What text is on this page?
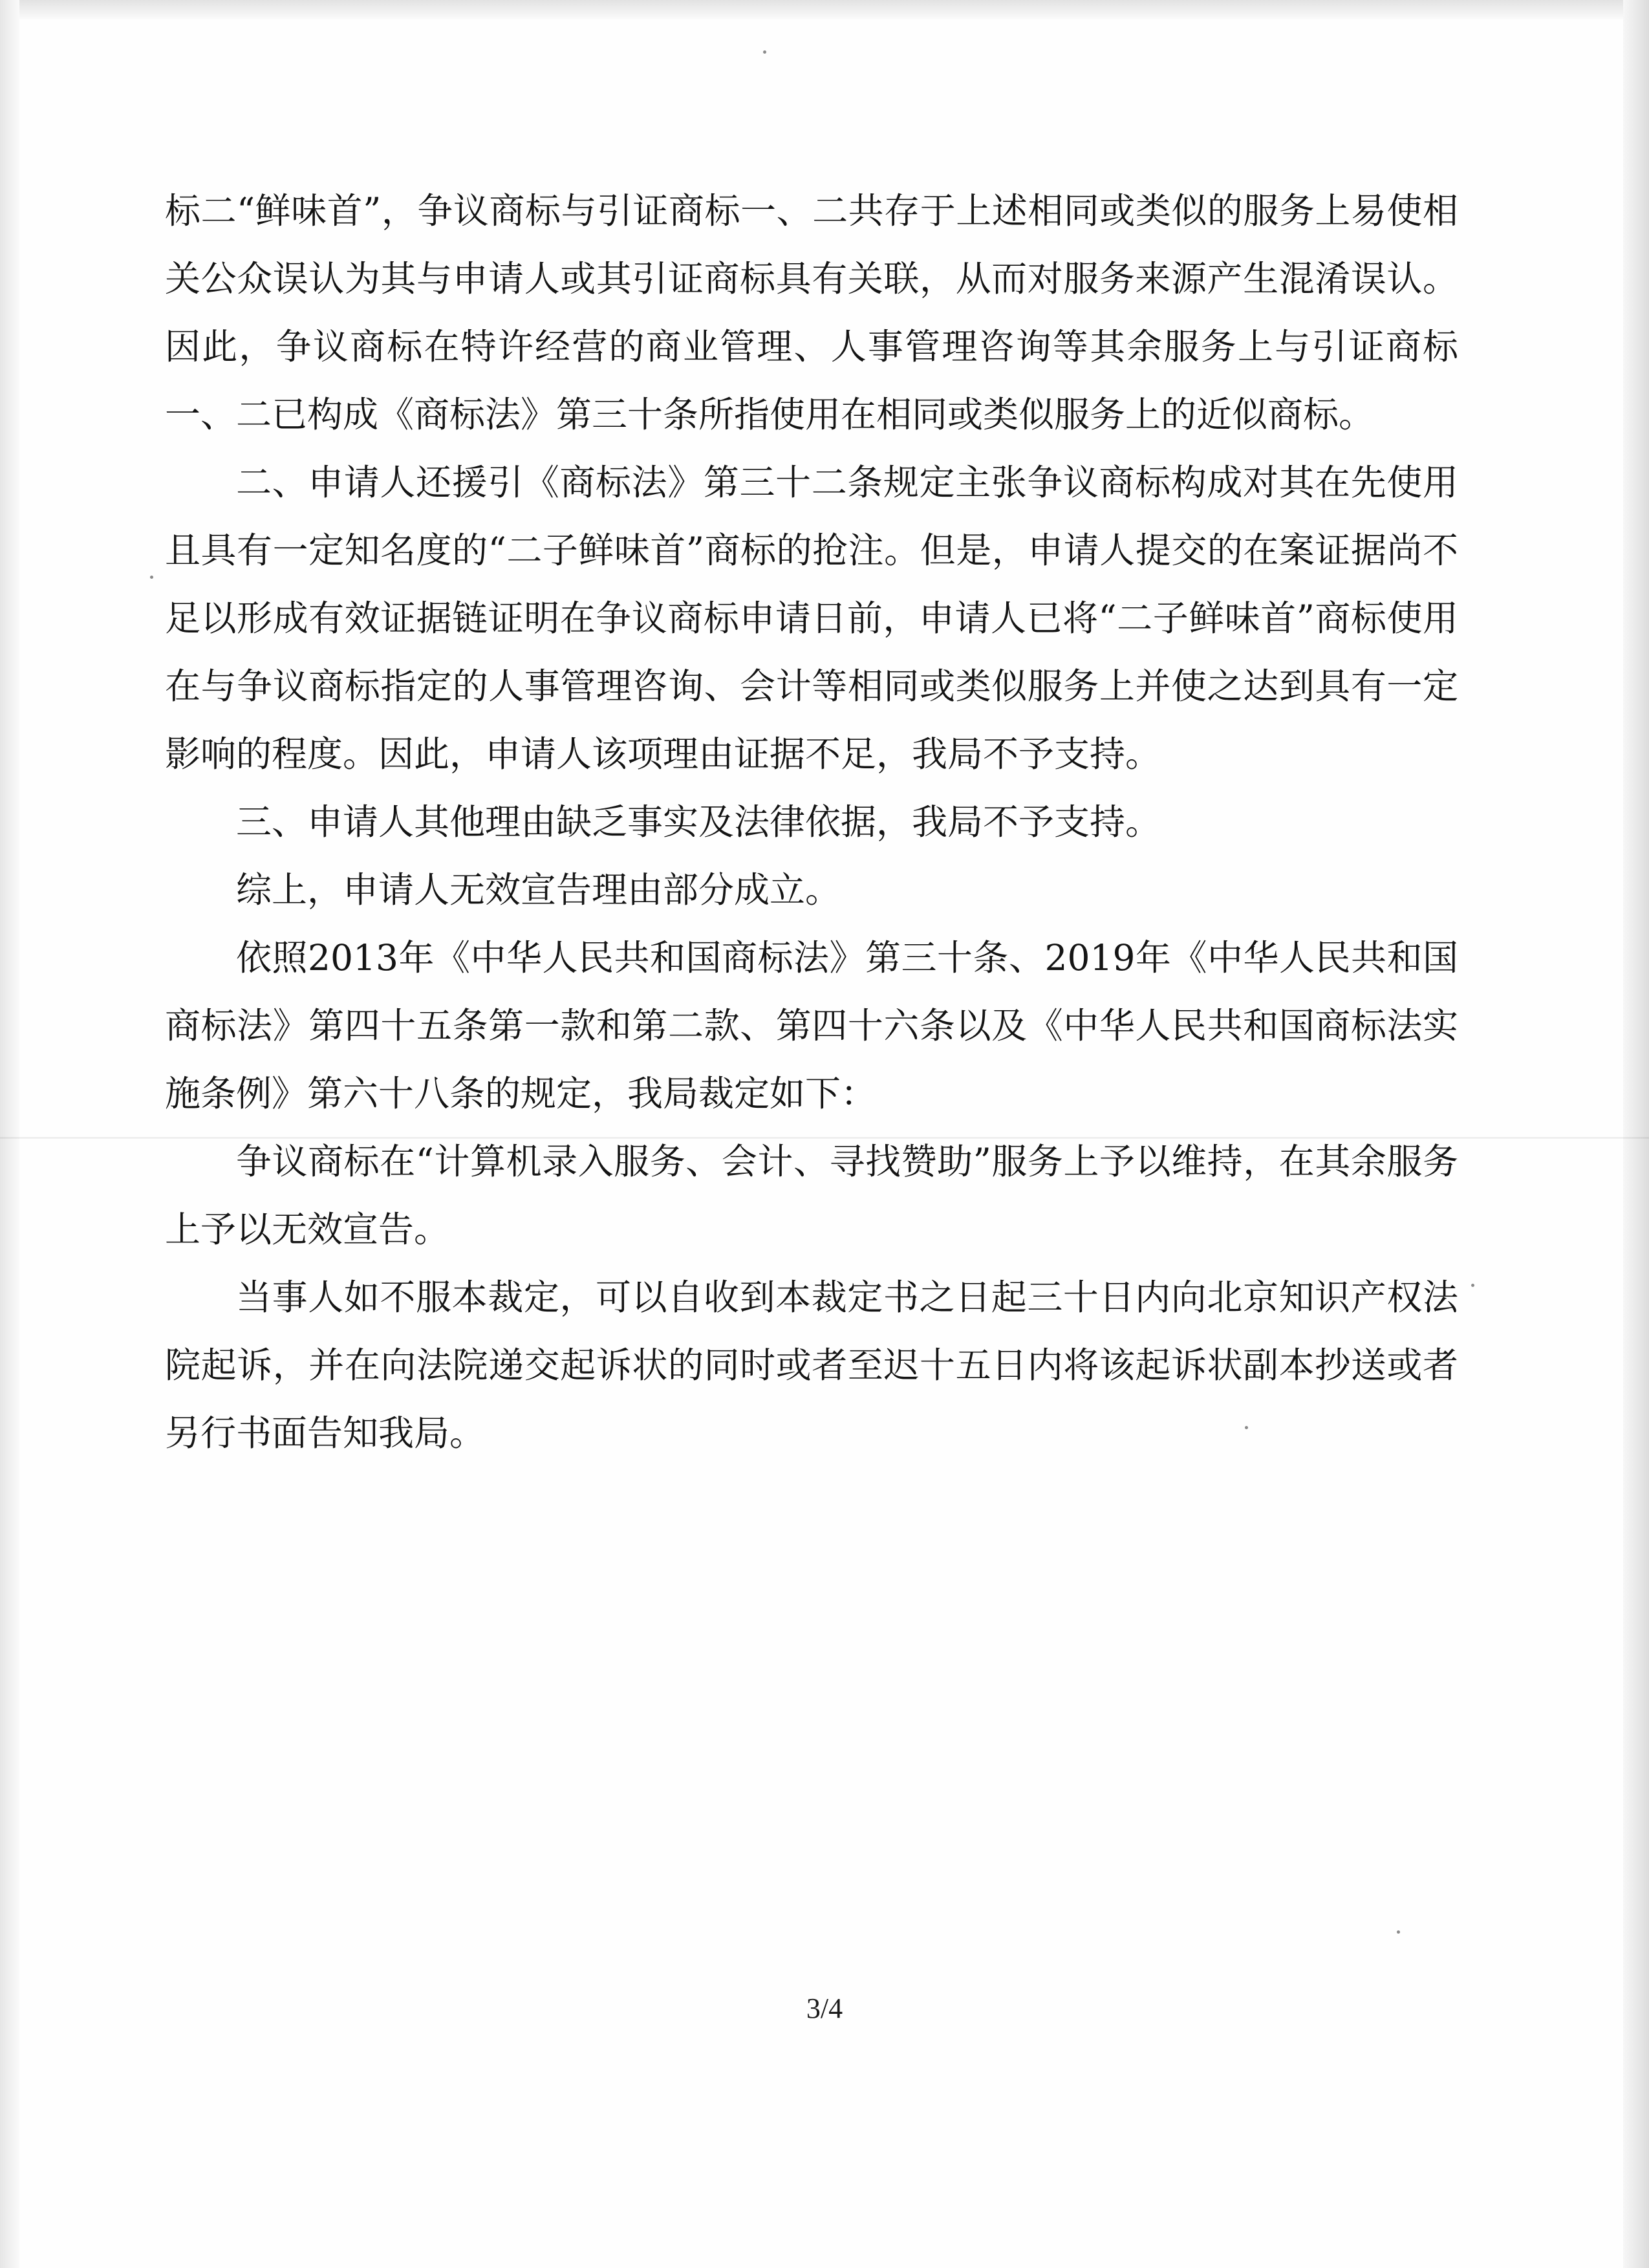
标二“鲜味首”，争议商标与引证商标一、二共存于上述相同或类似的服务上易使相关公众误认为其与申请人或其引证商标具有关联，从而对服务来源产生混淆误认。因此，争议商标在特许经营的商业管理、人事管理咨询等其余服务上与引证商标一、二已构成《商标法》第三十条所指使用在相同或类似服务上的近似商标。

二、申请人还援引《商标法》第三十二条规定主张争议商标构成对其在先使用且具有一定知名度的“二子鲜味首”商标的抢注。但是，申请人提交的在案证据尚不足以形成有效证据链证明在争议商标申请日前，申请人已将“二子鲜味首”商标使用在与争议商标指定的人事管理咨询、会计等相同或类似服务上并使之达到具有一定影响的程度。因此，申请人该项理由证据不足，我局不予支持。

三、申请人其他理由缺乏事实及法律依据，我局不予支持。

综上，申请人无效宣告理由部分成立。

依照2013年《中华人民共和国商标法》第三十条、2019年《中华人民共和国商标法》第四十五条第一款和第二款、第四十六条以及《中华人民共和国商标法实施条例》第六十八条的规定，我局裁定如下：

争议商标在“计算机录入服务、会计、寻找赞助”服务上予以维持，在其余服务上予以无效宣告。

当事人如不服本裁定，可以自收到本裁定书之日起三十日内向北京知识产权法院起诉，并在向法院递交起诉状的同时或者至迟十五日内将该起诉状副本抄送或者另行书面告知我局。

3/4
